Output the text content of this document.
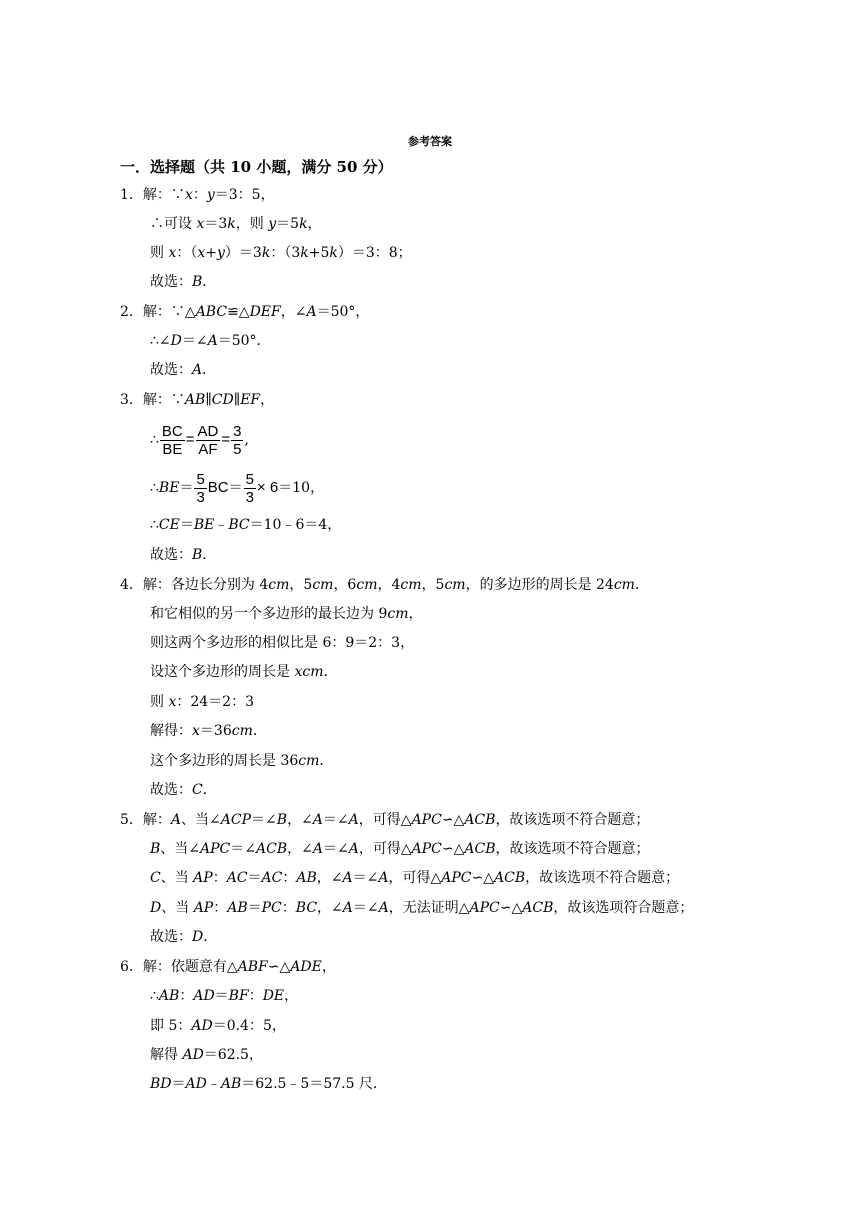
参考答案
一．选择题（共 10 小题，满分 50 分）
1．解：∵x：y＝3：5，
∴可设 x＝3k，则 y＝5k，
则 x：（x+y）＝3k：（3k+5k）＝3：8；
故选：B．
2．解：∵△ABC≌△DEF，∠A＝50°，
∴∠D＝∠A＝50°．
故选：A．
3．解：∵AB∥CD∥EF，
∴ $\frac{BC}{BE} = \frac{AD}{AF} = \frac{3}{5}$ ,
∴BE＝ $\frac{5}{3} BC= \frac{5}{3} \times 6=10$，
∴CE＝BE﹣BC＝10﹣6＝4，
故选：B．
4．解：各边长分别为 4cm，5cm，6cm，4cm，5cm，的多边形的周长是 24cm．
和它相似的另一个多边形的最长边为 9cm，
则这两个多边形的相似比是 6：9＝2：3，
设这个多边形的周长是 xcm．
则 x：24＝2：3
解得：x＝36cm．
这个多边形的周长是 36cm．
故选：C．
5．解：A、当∠ACP＝∠B，∠A＝∠A，可得△APC∽△ACB，故该选项不符合题意；
B、当∠APC＝∠ACB，∠A＝∠A，可得△APC∽△ACB，故该选项不符合题意；
C、当 AP：AC＝AC：AB，∠A＝∠A，可得△APC∽△ACB，故该选项不符合题意；
D、当 AP：AB＝PC：BC，∠A＝∠A，无法证明△APC∽△ACB，故该选项符合题意；
故选：D．
6．解：依题意有△ABF∽△ADE，
∴AB：AD＝BF：DE，
即 5：AD＝0.4：5，
解得 AD＝62.5，
BD＝AD﹣AB＝62.5﹣5＝57.5 尺．
